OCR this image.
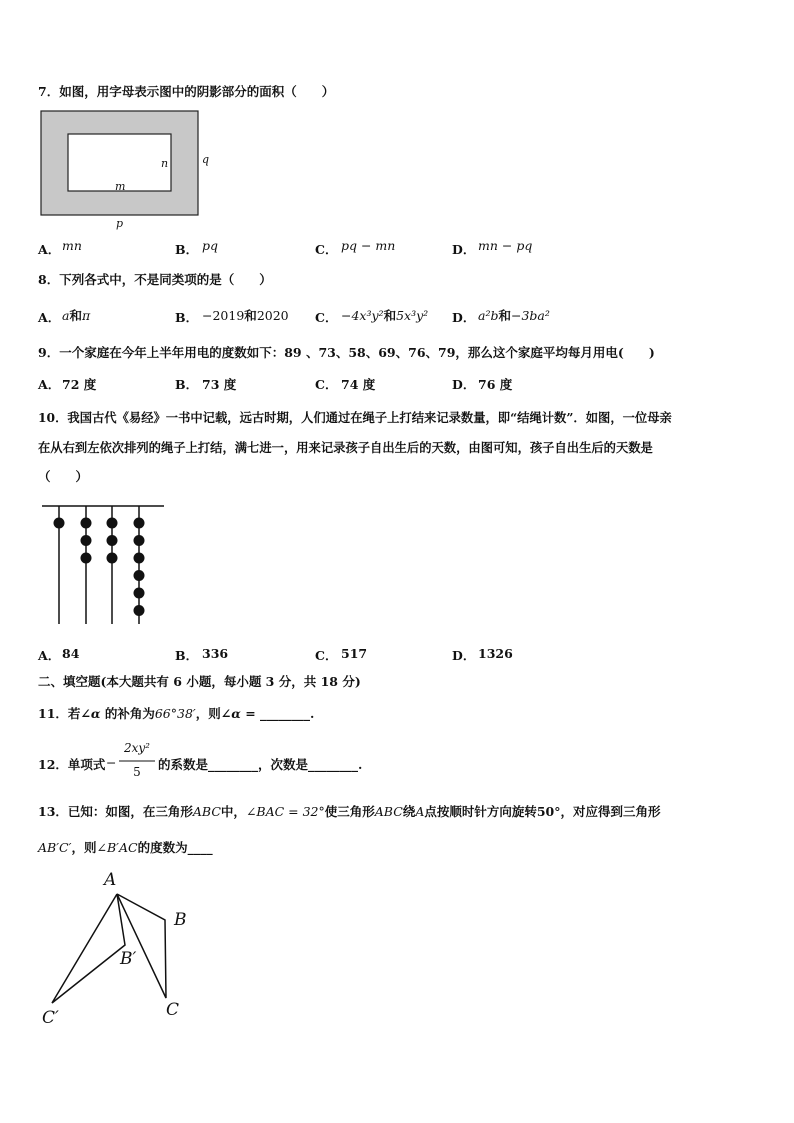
7．如图，用字母表示图中的阴影部分的面积（　　）
n	q
m
p
A． mn	B． pq	C． pq − mn	D． mn − pq
8．下列各式中，不是同类项的是（　　）
A． a和π	B． −2019和2020 C． −4x³y²和5x³y² D． a²b和−3ba²
9．一个家庭在今年上半年用电的度数如下：89 、73、58、69、76、79，那么这个家庭平均每月用电(　　)
A． 72 度	B． 73 度	C． 74 度	D． 76 度
10．我国古代《易经》一书中记载，远古时期，人们通过在绳子上打结来记录数量，即“结绳计数”．如图，一位母亲
在从右到左依次排列的绳子上打结，满七进一，用来记录孩子自出生后的天数，由图可知，孩子自出生后的天数是
（　　）
A． 84	B． 336	C． 517	D． 1326
二、填空题(本大题共有 6 小题，每小题 3 分，共 18 分)
11．若∠α 的补角为66°38′，则∠α = ________.
12．单项式 −
2xy²
5	的系数是________，次数是________.
13．已知：如图，在三角形ABC中，∠BAC = 32°使三角形ABC绕A点按顺时针方向旋转50°，对应得到三角形
AB′C′，则∠B′AC的度数为____
A
B
B′
C
C′
